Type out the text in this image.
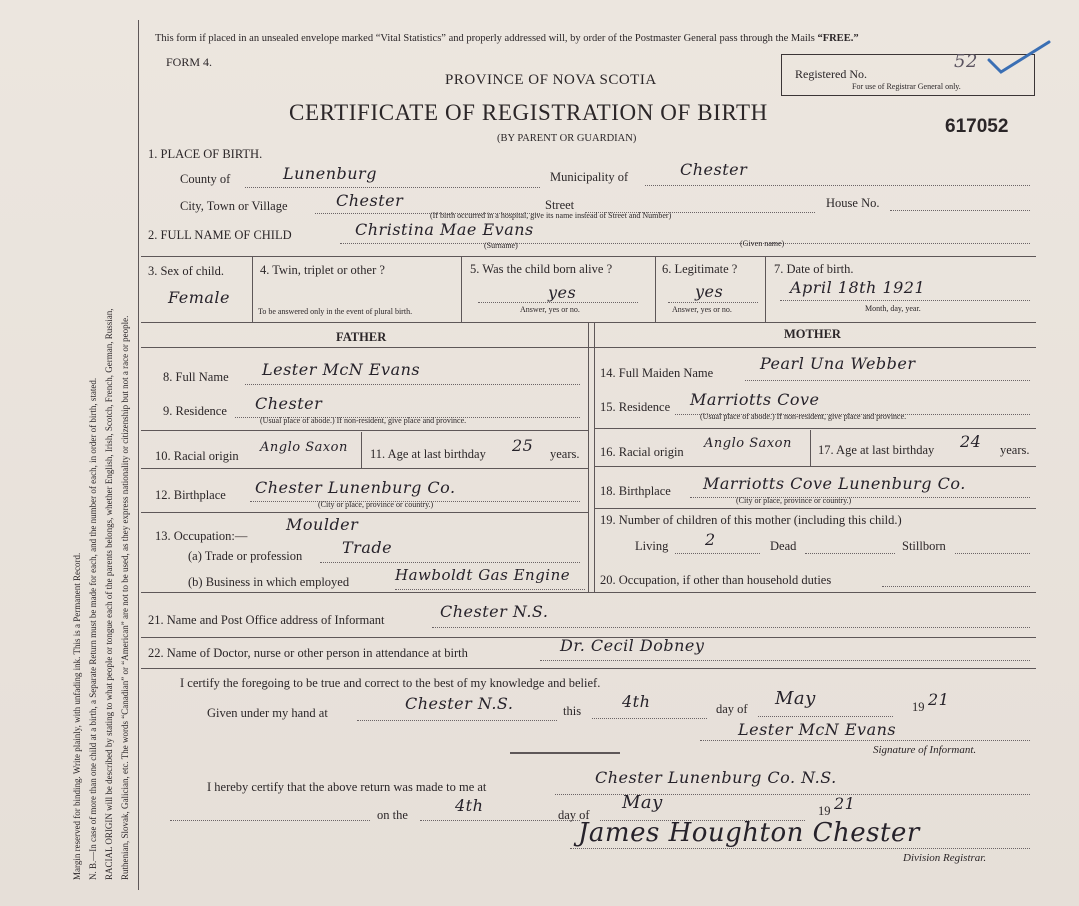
Margin reserved for binding. Write plainly, with unfading ink. This is a Permanent Record. N. B.—In case of more than one child at a birth, a Separate Return must be made for each, and the number of each, in order of birth, stated. RACIAL ORIGIN will be described by stating to what people or tongue each of the parents belongs, whether English, Irish, Scotch, French, German, Russian, Ruthenian, Slovak, Galician, etc. The words “Canadian” or “American” are not to be used, as they express nationality or citizenship but not a race or people.
This form if placed in an unsealed envelope marked “Vital Statistics” and properly addressed will, by order of the Postmaster General pass through the Mails “FREE.”
FORM 4.
PROVINCE OF NOVA SCOTIA
CERTIFICATE OF REGISTRATION OF BIRTH
(BY PARENT OR GUARDIAN)
617052
Registered No.
52
For use of Registrar General only.
1. PLACE OF BIRTH.
County of	Lunenburg	Municipality of	Chester
City, Town or Village	Chester	Street	House No.
(If birth occurred in a hospital, give its name instead of Street and Number)
2. FULL NAME OF CHILD	Christina Mae Evans
(Surname)	(Given name)
3. Sex of child.
Female
4. Twin, triplet or other ?
To be answered only in the event of plural birth.
5. Was the child born alive ?
yes
Answer, yes or no.
6. Legitimate ?
yes
Answer, yes or no.
7. Date of birth.
April 18th 1921
Month, day, year.
FATHER	MOTHER
8. Full Name Lester McN Evans
9. Residence Chester
(Usual place of abode.) If non-resident, give place and province.
10. Racial origin
Anglo Saxon 11. Age at last birthday 25 years.
12. Birthplace Chester Lunenburg Co.
(City or place, province or country.)
13. Occupation:—
Moulder
(a) Trade or profession Trade
(b) Business in which employed	Hawboldt Gas Engine
14. Full Maiden Name	Pearl Una Webber
15. Residence Marriotts Cove
(Usual place of abode.) If non-resident, give place and province.
16. Racial origin
Anglo Saxon 17. Age at last birthday 24 years.
18. Birthplace Marriotts Cove Lunenburg Co.
(City or place, province or country.)
19. Number of children of this mother (including this child.)
Living 2	Dead	Stillborn
20. Occupation, if other than household duties
21. Name and Post Office address of Informant	Chester N.S.
22. Name of Doctor, nurse or other person in attendance at birth	Dr. Cecil Dobney
I certify the foregoing to be true and correct to the best of my knowledge and belief.
Given under my hand at	Chester N.S.	this	4th	day of May	19 21
Lester McN Evans
Signature of Informant.
I hereby certify that the above return was made to me at	Chester Lunenburg Co. N.S.
on the	4th	day of
May	19 21
James Houghton Chester
Division Registrar.
